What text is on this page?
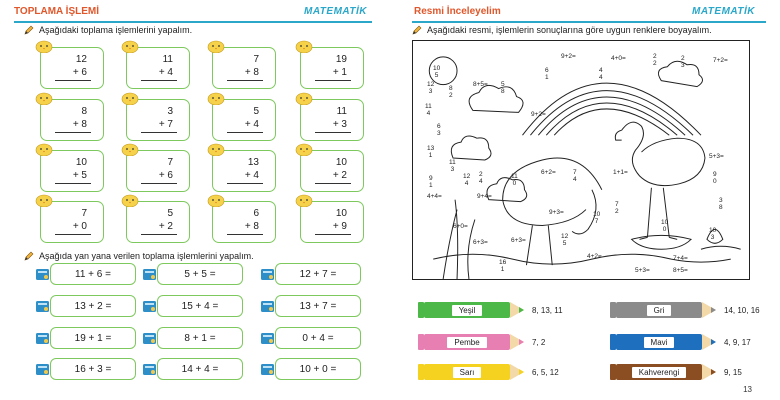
TOPLAMA İŞLEMİ	MATEMATİK
Aşağıdaki toplama işlemlerini yapalım.
12
+ 6
11
+ 4
7
+ 8
19
+ 1
8
+ 8
3
+ 7
5
+ 4
11
+ 3
10
+ 5
7
+ 6
13
+ 4
10
+ 2
7
+ 0
5
+ 2
6
+ 8
10
+ 9
Aşağıda yan yana verilen toplama işlemlerini yapalım.
11 + 6 =	5 + 5 =	12 + 7 =
13 + 2 =	15 + 4 =	13 + 7 =
19 + 1 =	8 + 1 =	0 + 4 =
16 + 3 =	14 + 4 =	10 + 0 =
Resmi İnceleyelim	MATEMATİK
Aşağıdaki resmi, işlemlerin sonuçlarına göre uygun renklere boyayalım.
9+2=	2
2
4+0=	2
3
7+2=
10
5
6
1
4
4
8+5= 5
8
12
3	8
2
11
4
6
3
9+2=
13
1
11
3
12
4
11
0
6+2=	7
4
1+1=
5+3=
9
1
2
4
9
0
4+4=	9+4=
9+3=	10
7
7
2
6+0=
3
8
10
0
6+3=
12
5
16
1
4+2=
5+3=
7+4=
8+5=
10
3
6+3=
Yeşil	8, 13, 11	Gri	14, 10, 16
Pembe	7, 2	Mavi	4, 9, 17
Sarı	6, 5, 12	Kahverengi	9, 15
13
